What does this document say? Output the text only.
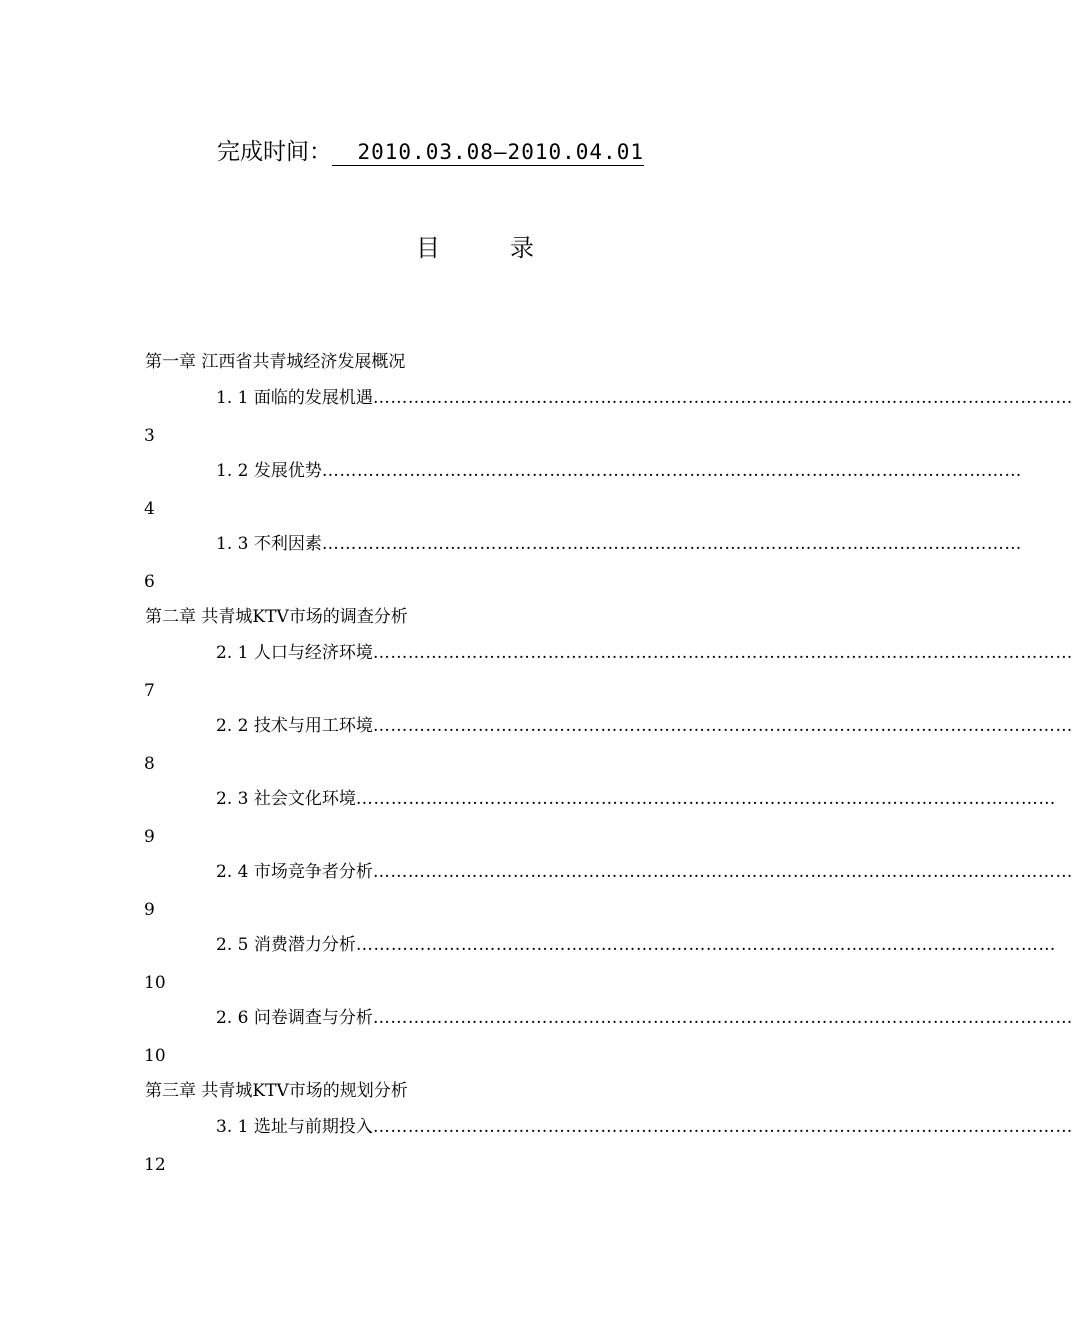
完成时间： 2010.03.08—2010.04.01
目	录
第一章 江西省共青城经济发展概况
1. 1 面临的发展机遇…………………………………………………………………………………………………………
3
1. 2 发展优势…………………………………………………………………………………………………………
4
1. 3 不利因素…………………………………………………………………………………………………………
6
第二章 共青城KTV市场的调查分析
2. 1 人口与经济环境…………………………………………………………………………………………………………
7
2. 2 技术与用工环境…………………………………………………………………………………………………………
8
2. 3 社会文化环境…………………………………………………………………………………………………………
9
2. 4 市场竞争者分析…………………………………………………………………………………………………………
9
2. 5 消费潜力分析…………………………………………………………………………………………………………
10
2. 6 问卷调查与分析…………………………………………………………………………………………………………
10
第三章 共青城KTV市场的规划分析
3. 1 选址与前期投入…………………………………………………………………………………………………………
12
